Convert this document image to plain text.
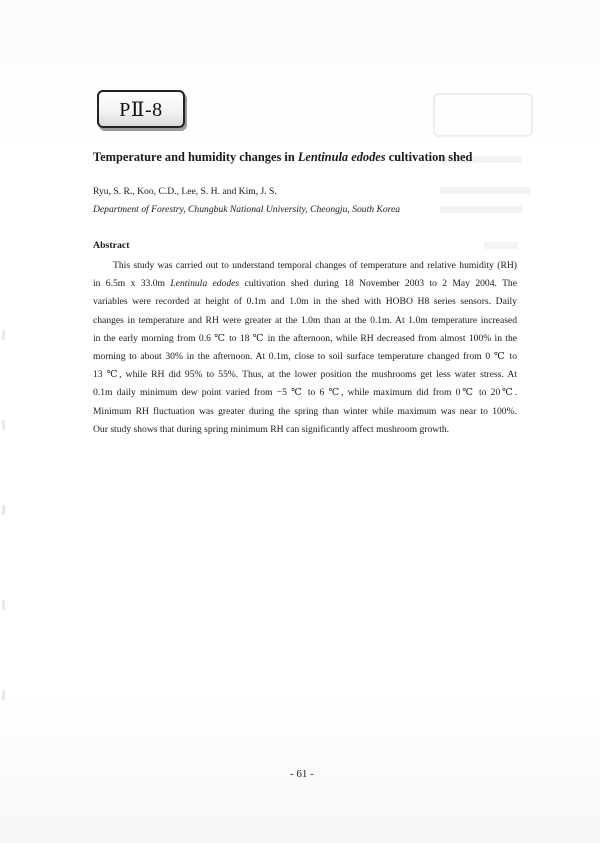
PⅡ-8
Temperature and humidity changes in Lentinula edodes cultivation shed
Ryu, S. R., Koo, C.D., Lee, S. H. and Kim, J. S.
Department of Forestry, Chungbuk National University, Cheongju, South Korea
Abstract
This study was carried out to understand temporal changes of temperature and relative humidity (RH)
in 6.5m x 33.0m Lentinula edodes cultivation shed during 18 November 2003 to 2 May 2004. The
variables were recorded at height of 0.1m and 1.0m in the shed with HOBO H8 series sensors. Daily
changes in temperature and RH were greater at the 1.0m than at the 0.1m. At 1.0m temperature increased
in the early morning from 0.6 ℃ to 18 ℃ in the afternoon, while RH decreased from almost 100% in the
morning to about 30% in the afternoon. At 0.1m, close to soil surface temperature changed from 0 ℃ to
13 ℃, while RH did 95% to 55%. Thus, at the lower position the mushrooms get less water stress. At
0.1m daily minimum dew point varied from −5 ℃ to 6 ℃, while maximum did from 0℃ to 20℃.
Minimum RH fluctuation was greater during the spring than winter while maximum was near to 100%.
Our study shows that during spring minimum RH can significantly affect mushroom growth.
- 61 -
